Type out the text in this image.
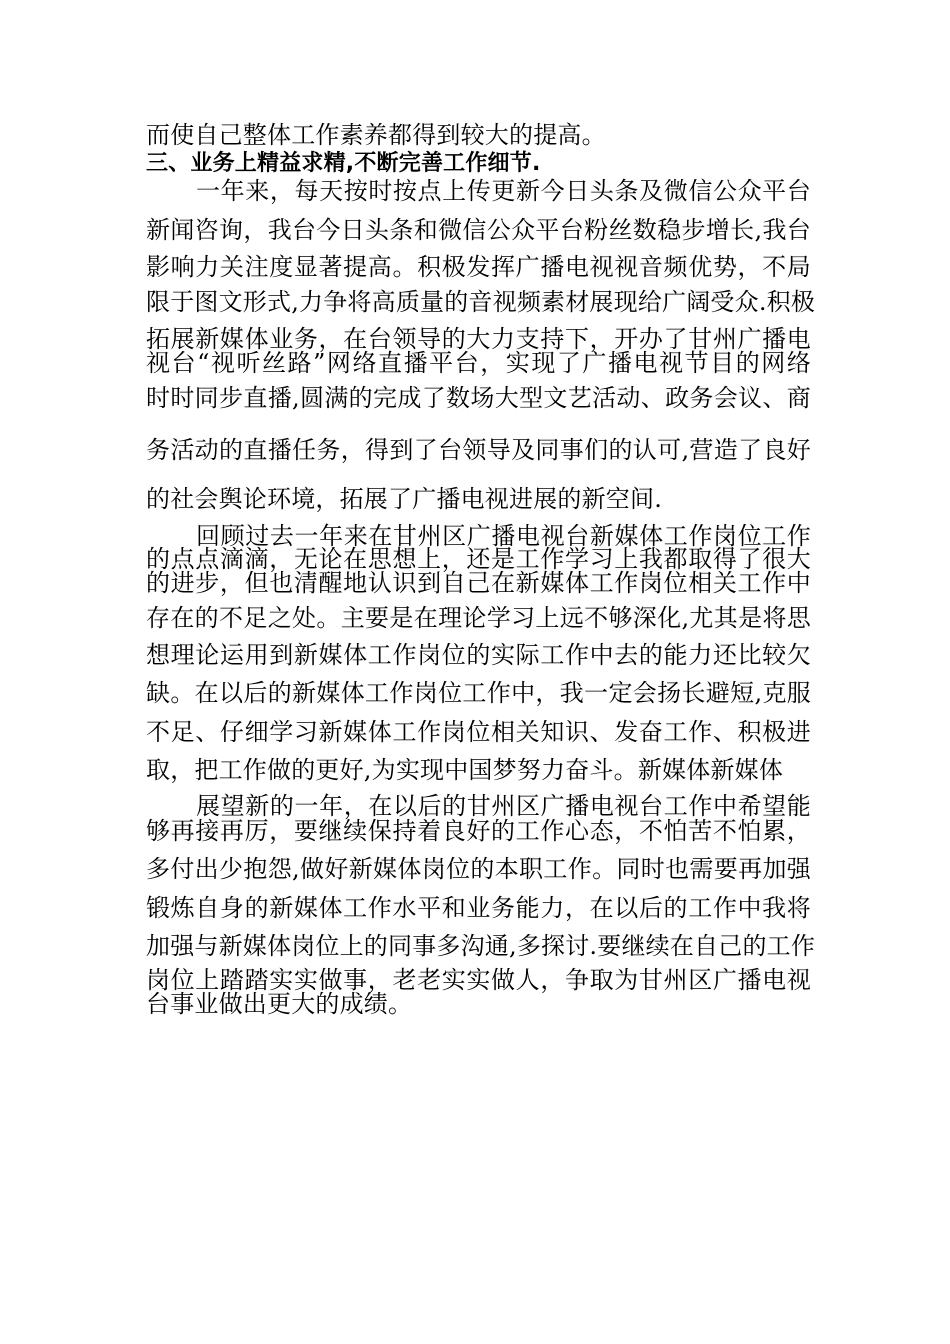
而使自己整体工作素养都得到较大的提高。
三、业务上精益求精,不断完善工作细节.
一年来，每天按时按点上传更新今日头条及微信公众平台
新闻咨询，我台今日头条和微信公众平台粉丝数稳步增长,我台
影响力关注度显著提高。积极发挥广播电视视音频优势，不局
限于图文形式,力争将高质量的音视频素材展现给广阔受众.积极
拓展新媒体业务，在台领导的大力支持下，开办了甘州广播电
视台“视听丝路”网络直播平台，实现了广播电视节目的网络
时时同步直播,圆满的完成了数场大型文艺活动、政务会议、商
务活动的直播任务，得到了台领导及同事们的认可,营造了良好
的社会舆论环境，拓展了广播电视进展的新空间.
回顾过去一年来在甘州区广播电视台新媒体工作岗位工作
的点点滴滴，无论在思想上，还是工作学习上我都取得了很大
的进步，但也清醒地认识到自己在新媒体工作岗位相关工作中
存在的不足之处。主要是在理论学习上远不够深化,尤其是将思
想理论运用到新媒体工作岗位的实际工作中去的能力还比较欠
缺。在以后的新媒体工作岗位工作中，我一定会扬长避短,克服
不足、仔细学习新媒体工作岗位相关知识、发奋工作、积极进
取，把工作做的更好,为实现中国梦努力奋斗。新媒体新媒体
展望新的一年，在以后的甘州区广播电视台工作中希望能
够再接再厉，要继续保持着良好的工作心态，不怕苦不怕累，
多付出少抱怨,做好新媒体岗位的本职工作。同时也需要再加强
锻炼自身的新媒体工作水平和业务能力，在以后的工作中我将
加强与新媒体岗位上的同事多沟通,多探讨.要继续在自己的工作
岗位上踏踏实实做事，老老实实做人，争取为甘州区广播电视
台事业做出更大的成绩。
